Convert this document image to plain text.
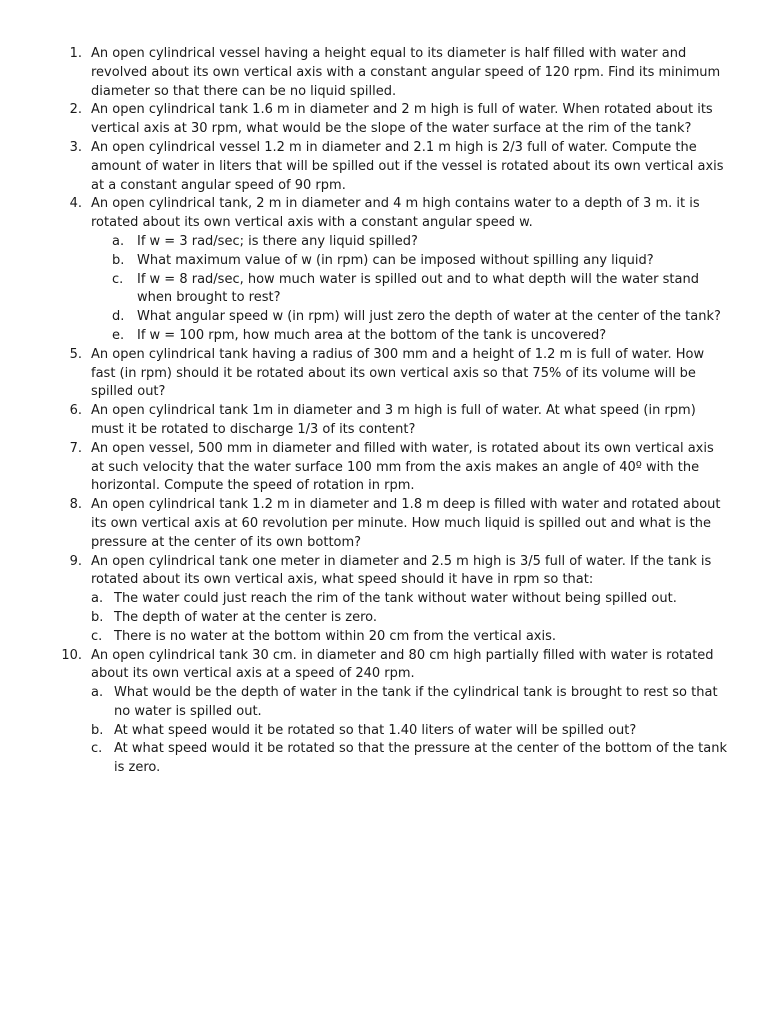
1. An open cylindrical vessel having a height equal to its diameter is half filled with water and revolved about its own vertical axis with a constant angular speed of 120 rpm. Find its minimum diameter so that there can be no liquid spilled.
2. An open cylindrical tank 1.6 m in diameter and 2 m high is full of water. When rotated about its vertical axis at 30 rpm, what would be the slope of the water surface at the rim of the tank?
3. An open cylindrical vessel 1.2 m in diameter and 2.1 m high is 2/3 full of water. Compute the amount of water in liters that will be spilled out if the vessel is rotated about its own vertical axis at a constant angular speed of 90 rpm.
4. An open cylindrical tank, 2 m in diameter and 4 m high contains water to a depth of 3 m. it is rotated about its own vertical axis with a constant angular speed w.
a. If w = 3 rad/sec; is there any liquid spilled?
b. What maximum value of w (in rpm) can be imposed without spilling any liquid?
c. If w = 8 rad/sec, how much water is spilled out and to what depth will the water stand when brought to rest?
d. What angular speed w (in rpm) will just zero the depth of water at the center of the tank?
e. If w = 100 rpm, how much area at the bottom of the tank is uncovered?
5. An open cylindrical tank having a radius of 300 mm and a height of 1.2 m is full of water. How fast (in rpm) should it be rotated about its own vertical axis so that 75% of its volume will be spilled out?
6. An open cylindrical tank 1m in diameter and 3 m high is full of water. At what speed (in rpm) must it be rotated to discharge 1/3 of its content?
7. An open vessel, 500 mm in diameter and filled with water, is rotated about its own vertical axis at such velocity that the water surface 100 mm from the axis makes an angle of 40º with the horizontal. Compute the speed of rotation in rpm.
8. An open cylindrical tank 1.2 m in diameter and 1.8 m deep is filled with water and rotated about its own vertical axis at 60 revolution per minute. How much liquid is spilled out and what is the pressure at the center of its own bottom?
9. An open cylindrical tank one meter in diameter and 2.5 m high is 3/5 full of water. If the tank is rotated about its own vertical axis, what speed should it have in rpm so that:
a. The water could just reach the rim of the tank without water without being spilled out.
b. The depth of water at the center is zero.
c. There is no water at the bottom within 20 cm from the vertical axis.
10. An open cylindrical tank 30 cm. in diameter and 80 cm high partially filled with water is rotated about its own vertical axis at a speed of 240 rpm.
a. What would be the depth of water in the tank if the cylindrical tank is brought to rest so that no water is spilled out.
b. At what speed would it be rotated so that 1.40 liters of water will be spilled out?
c. At what speed would it be rotated so that the pressure at the center of the bottom of the tank is zero.
